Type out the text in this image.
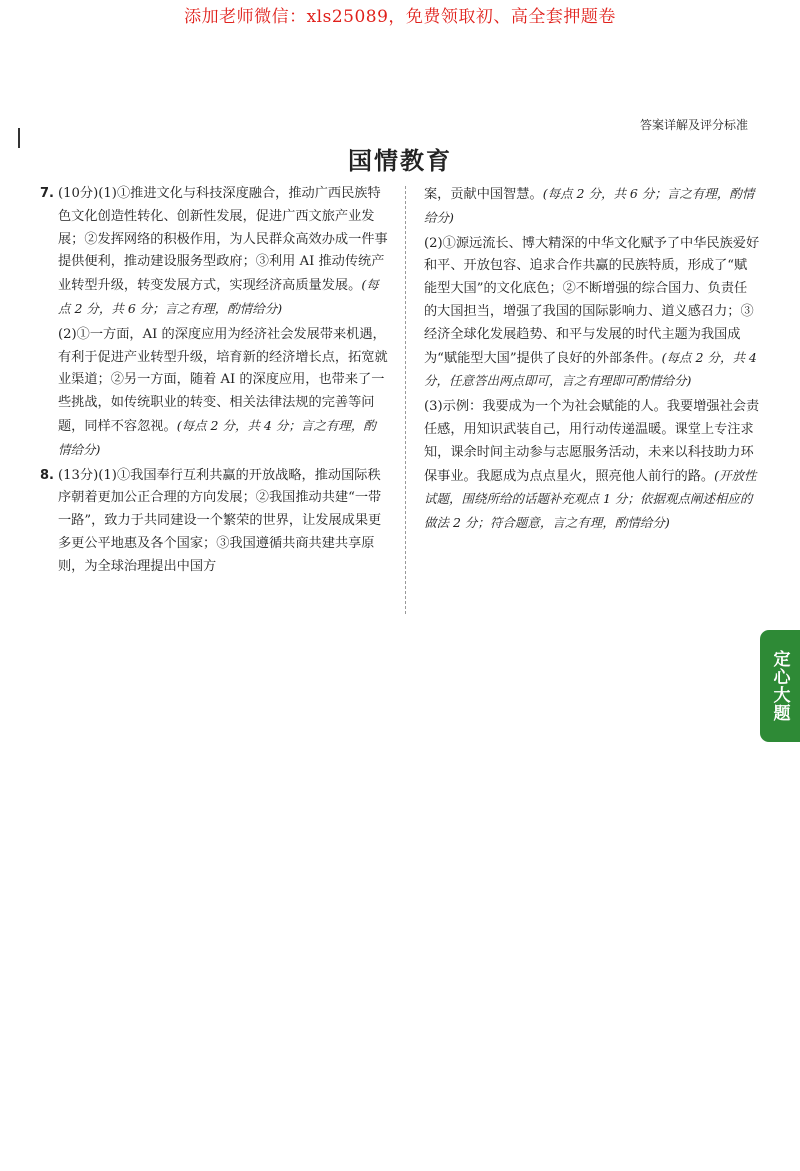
添加老师微信：xls25089，免费领取初、高全套押题卷
答案详解及评分标准
国情教育
7. (10分)(1)①推进文化与科技深度融合，推动广西民族特色文化创造性转化、创新性发展，促进广西文旅产业发展；②发挥网络的积极作用，为人民群众高效办成一件事提供便利，推动建设服务型政府；③利用 AI 推动传统产业转型升级，转变发展方式，实现经济高质量发展。(每点 2 分，共 6 分；言之有理，酌情给分)
(2)①一方面，AI 的深度应用为经济社会发展带来机遇，有利于促进产业转型升级，培育新的经济增长点，拓宽就业渠道；②另一方面，随着 AI 的深度应用，也带来了一些挑战，如传统职业的转变、相关法律法规的完善等问题，同样不容忽视。(每点 2 分，共 4 分；言之有理，酌情给分)
8. (13分)(1)①我国奉行互利共赢的开放战略，推动国际秩序朝着更加公正合理的方向发展；②我国推动共建“一带一路”，致力于共同建设一个繁荣的世界，让发展成果更多更公平地惠及各个国家；③我国遵循共商共建共享原则，为全球治理提出中国方
案，贡献中国智慧。(每点 2 分，共 6 分；言之有理，酌情给分)
(2)①源远流长、博大精深的中华文化赋予了中华民族爱好和平、开放包容、追求合作共赢的民族特质，形成了“赋能型大国”的文化底色；②不断增强的综合国力、负责任的大国担当，增强了我国的国际影响力、道义感召力；③经济全球化发展趋势、和平与发展的时代主题为我国成为“赋能型大国”提供了良好的外部条件。(每点 2 分，共 4 分，任意答出两点即可，言之有理即可酌情给分)
(3)示例：我要成为一个为社会赋能的人。我要增强社会责任感，用知识武装自己，用行动传递温暖。课堂上专注求知，课余时间主动参与志愿服务活动，未来以科技助力环保事业。我愿成为点点星火，照亮他人前行的路。(开放性试题，围绕所给的话题补充观点 1 分；依据观点阐述相应的做法 2 分；符合题意，言之有理，酌情给分)
定心大题
